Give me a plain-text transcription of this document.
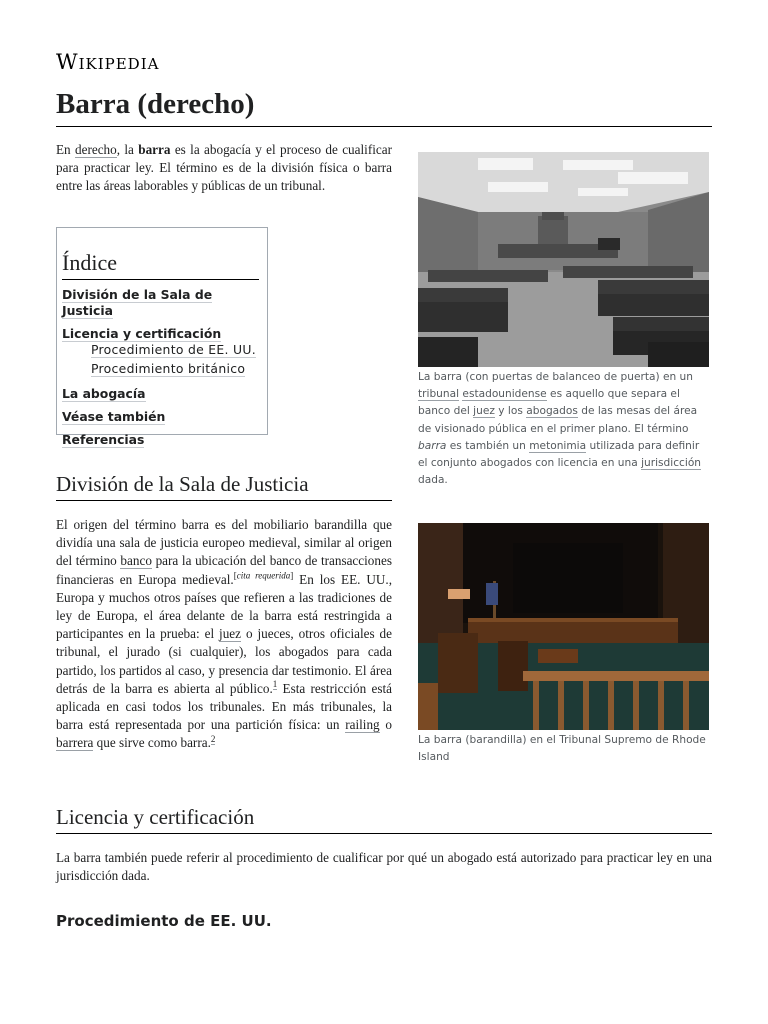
Wikipedia
Barra (derecho)

En derecho, la barra es la abogacía y el proceso de cualificar para practicar ley. El término es de la división física o barra entre las áreas laborables y públicas de un tribunal.

Índice
División de la Sala de Justicia
Licencia y certificación
Procedimiento de EE. UU.
Procedimiento británico
La abogacía
Véase también
Referencias
División de la Sala de Justicia

El origen del término barra es del mobiliario barandilla que dividía una sala de justicia europeo medieval, similar al origen del término banco para la ubicación del banco de transacciones financieras en Europa medieval.[cita requerida] En los EE. UU., Europa y muchos otros países que refieren a las tradiciones de ley de Europa, el área delante de la barra está restringida a participantes en la prueba: el juez o jueces, otros oficiales de tribunal, el jurado (si cualquier), los abogados para cada partido, los partidos al caso, y presencia dar testimonio. El área detrás de la barra es abierta al público.$^1$ Esta restricción está aplicada en casi todos los tribunales. En más tribunales, la barra está representada por una partición física: un railing o barrera que sirve como barra.$^2$

La barra (con puertas de balanceo de puerta) en un tribunal estadounidense es aquello que separa el banco del juez y los abogados de las mesas del área de visionado pública en el primer plano. El término barra es también un metonimia utilizada para definir el conjunto abogados con licencia en una jurisdicción dada.
La barra (barandilla) en el Tribunal Supremo de Rhode Island
Licencia y certificación

La barra también puede referir al procedimiento de cualificar por qué un abogado está autorizado para practicar ley en una jurisdicción dada.

Procedimiento de EE. UU.
